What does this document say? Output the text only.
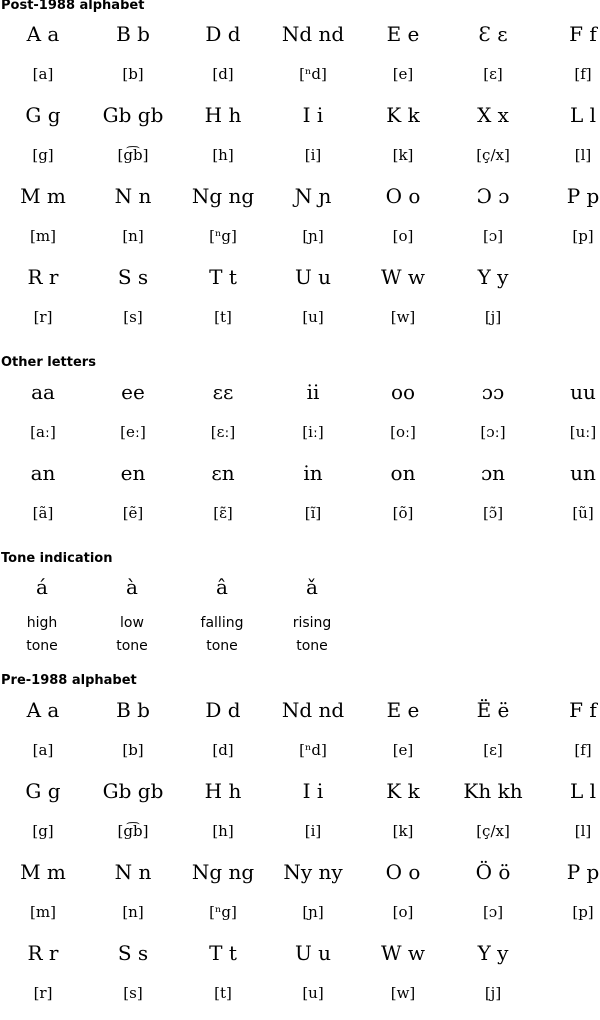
Post-1988 alphabet
A a
[a]
B b
[b]
D d
[d]
Nd nd
[ⁿd]
E e
[e]
Ɛ ɛ
[ɛ]
F f
[f]
G g
[g]
Gb gb
[g͡b]
H h
[h]
I i
[i]
K k
[k]
X x
[ç/x]
L l
[l]
M m
[m]
N n
[n]
Ng ng
[ⁿg]
Ɲ ɲ
[ɲ]
O o
[o]
Ɔ ɔ
[ɔ]
P p
[p]
R r
[r]
S s
[s]
T t
[t]
U u
[u]
W w
[w]
Y y
[j]
Other letters
aa
[aː]
ee
[eː]
ɛɛ
[ɛː]
ii
[iː]
oo
[oː]
ɔɔ
[ɔː]
uu
[uː]
an
[ã]
en
[ẽ]
ɛn
[ɛ̃]
in
[ĩ]
on
[õ]
ɔn
[ɔ̃]
un
[ũ]
Tone indication
á
high
tone
à
low
tone
â
falling
tone
ǎ
rising
tone
Pre-1988 alphabet
A a
[a]
B b
[b]
D d
[d]
Nd nd
[ⁿd]
E e
[e]
Ë ë
[ɛ]
F f
[f]
G g
[g]
Gb gb
[g͡b]
H h
[h]
I i
[i]
K k
[k]
Kh kh
[ç/x]
L l
[l]
M m
[m]
N n
[n]
Ng ng
[ⁿg]
Ny ny
[ɲ]
O o
[o]
Ö ö
[ɔ]
P p
[p]
R r
[r]
S s
[s]
T t
[t]
U u
[u]
W w
[w]
Y y
[j]
